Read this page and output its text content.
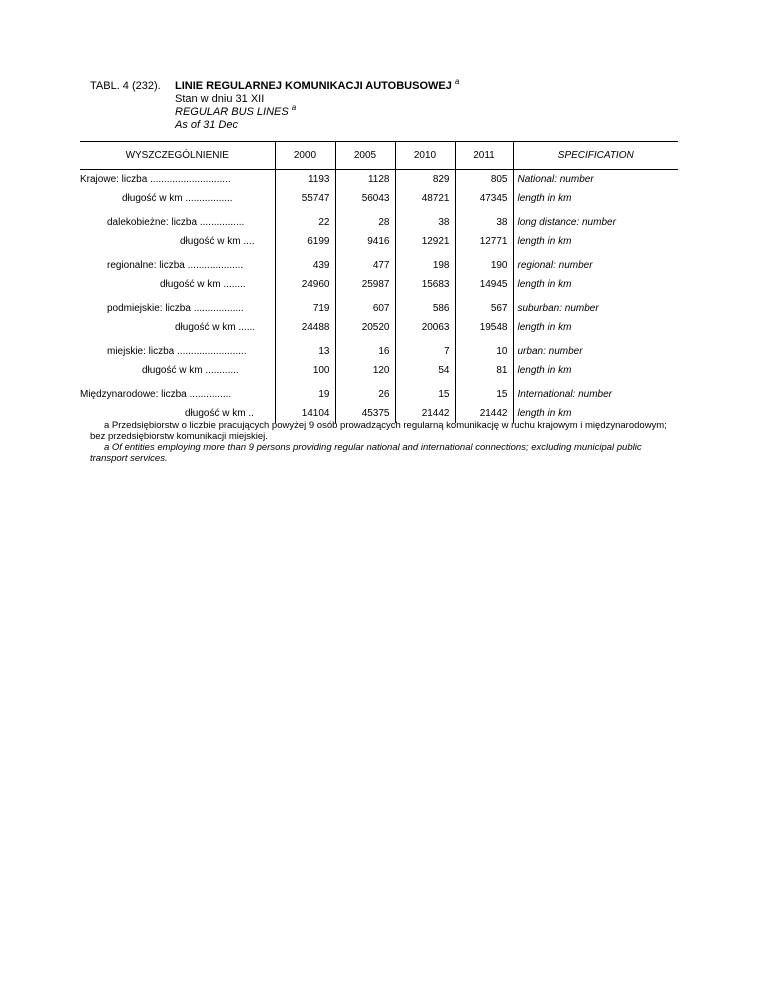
TABL. 4 (232).	LINIE REGULARNEJ KOMUNIKACJI AUTOBUSOWEJ $^a$
Stan w dniu 31 XII
REGULAR BUS LINES $^a$
As of 31 Dec
WYSZCZEGÓLNIENIE	2000	2005	2010	2011	SPECIFICATION
Krajowe: liczba .............................	1193	1128	829	805	National: number
długość w km .................	55747	56043	48721	47345	length in km
dalekobieżne: liczba ................	22	28	38	38	long distance: number
długość w km ....	6199	9416	12921	12771	length in km
regionalne: liczba ....................	439	477	198	190	regional: number
długość w km ........	24960	25987	15683	14945	length in km
podmiejskie: liczba ..................	719	607	586	567	suburban: number
długość w km ......	24488	20520	20063	19548	length in km
miejskie: liczba .........................	13	16	7	10	urban: number
długość w km ............	100	120	54	81	length in km
Międzynarodowe: liczba ...............	19	26	15	15	International: number
długość w km ..	14104	45375	21442	21442	length in km

a Przedsiębiorstw o liczbie pracujących powyżej 9 osób prowadzących regularną komunikację w ruchu krajowym i międzynarodowym; bez przedsiębiorstw komunikacji miejskiej.

a Of entities employing more than 9 persons providing regular national and international connections; excluding municipal public transport services.
